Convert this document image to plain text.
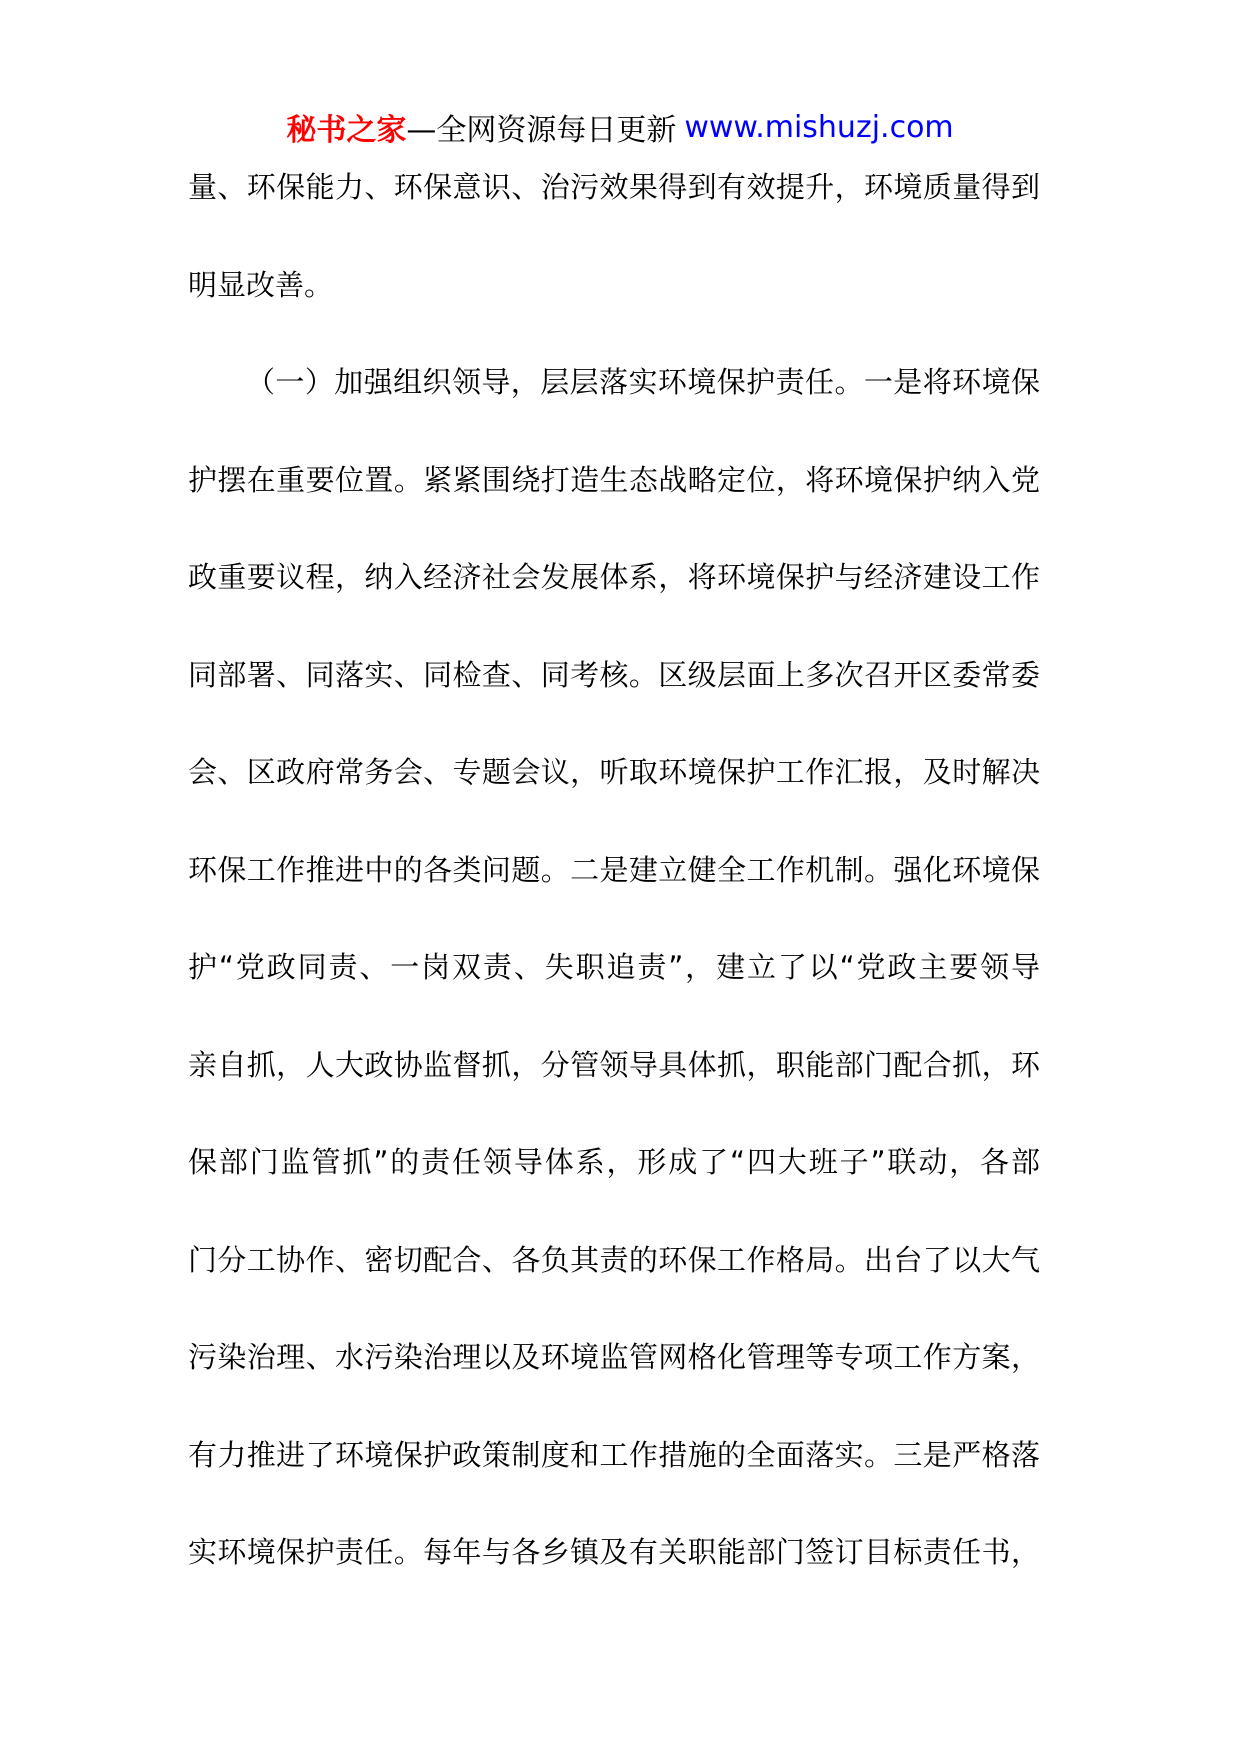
秘书之家 —全网资源每日更新 www.mishuzj.com
量、环保能力、环保意识、治污效果得到有效提升，环境质量得到
明显改善。
（一）加强组织领导，层层落实环境保护责任。一是将环境保
护摆在重要位置。紧紧围绕打造生态战略定位，将环境保护纳入党
政重要议程，纳入经济社会发展体系，将环境保护与经济建设工作
同部署、同落实、同检查、同考核。区级层面上多次召开区委常委
会、区政府常务会、专题会议，听取环境保护工作汇报，及时解决
环保工作推进中的各类问题。二是建立健全工作机制。强化环境保
护“党政同责、一岗双责、失职追责”，建立了以“党政主要领导
亲自抓，人大政协监督抓，分管领导具体抓，职能部门配合抓，环
保部门监管抓”的责任领导体系，形成了“四大班子”联动，各部
门分工协作、密切配合、各负其责的环保工作格局。出台了以大气
污染治理、水污染治理以及环境监管网格化管理等专项工作方案，
有力推进了环境保护政策制度和工作措施的全面落实。三是严格落
实环境保护责任。每年与各乡镇及有关职能部门签订目标责任书，
